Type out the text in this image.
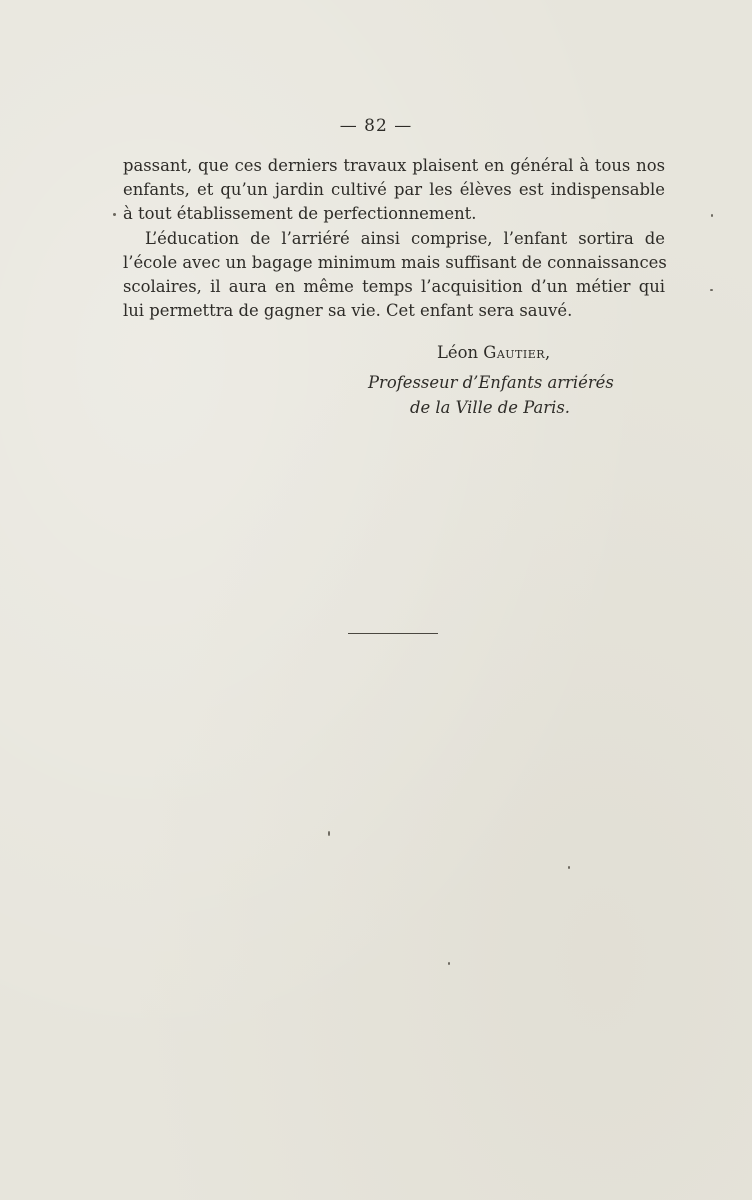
— 82 —
passant, que ces derniers travaux plaisent en général à tous nos
enfants, et qu’un jardin cultivé par les élèves est indispensable
à tout établissement de perfectionnement.
L’éducation de l’arriéré ainsi comprise, l’enfant sortira de
l’école avec un bagage minimum mais suffisant de connaissances
scolaires, il aura en même temps l’acquisition d’un métier qui
lui permettra de gagner sa vie. Cet enfant sera sauvé.
Léon Gautier,
Professeur d’Enfants arriérés
de la Ville de Paris.
